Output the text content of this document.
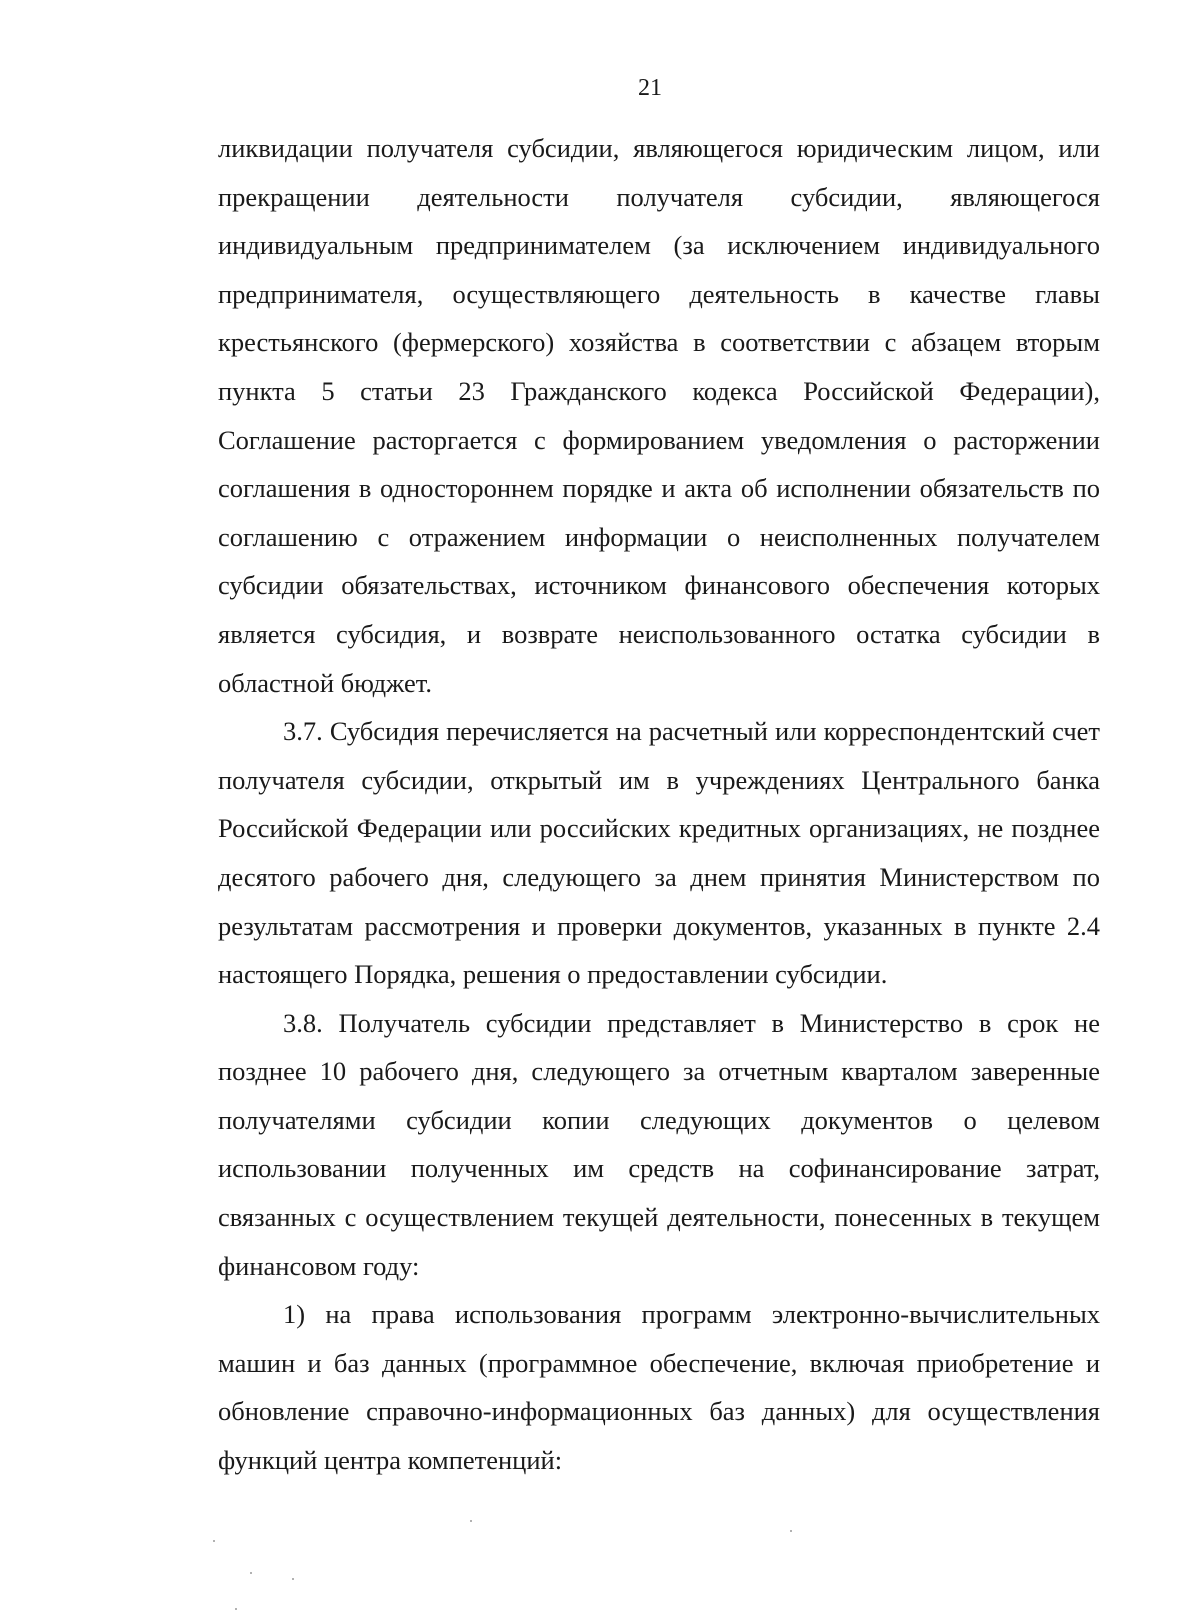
21

ликвидации получателя субсидии, являющегося юридическим лицом, или прекращении деятельности получателя субсидии, являющегося индивидуальным предпринимателем (за исключением индивидуального предпринимателя, осуществляющего деятельность в качестве главы крестьянского (фермерского) хозяйства в соответствии с абзацем вторым пункта 5 статьи 23 Гражданского кодекса Российской Федерации), Соглашение расторгается с формированием уведомления о расторжении соглашения в одностороннем порядке и акта об исполнении обязательств по соглашению с отражением информации о неисполненных получателем субсидии обязательствах, источником финансового обеспечения которых является субсидия, и возврате неиспользованного остатка субсидии в областной бюджет.

3.7. Субсидия перечисляется на расчетный или корреспондентский счет получателя субсидии, открытый им в учреждениях Центрального банка Российской Федерации или российских кредитных организациях, не позднее десятого рабочего дня, следующего за днем принятия Министерством по результатам рассмотрения и проверки документов, указанных в пункте 2.4 настоящего Порядка, решения о предоставлении субсидии.

3.8. Получатель субсидии представляет в Министерство в срок не позднее 10 рабочего дня, следующего за отчетным кварталом заверенные получателями субсидии копии следующих документов о целевом использовании полученных им средств на софинансирование затрат, связанных с осуществлением текущей деятельности, понесенных в текущем финансовом году:

1) на права использования программ электронно-вычислительных машин и баз данных (программное обеспечение, включая приобретение и обновление справочно-информационных баз данных) для осуществления функций центра компетенций:
